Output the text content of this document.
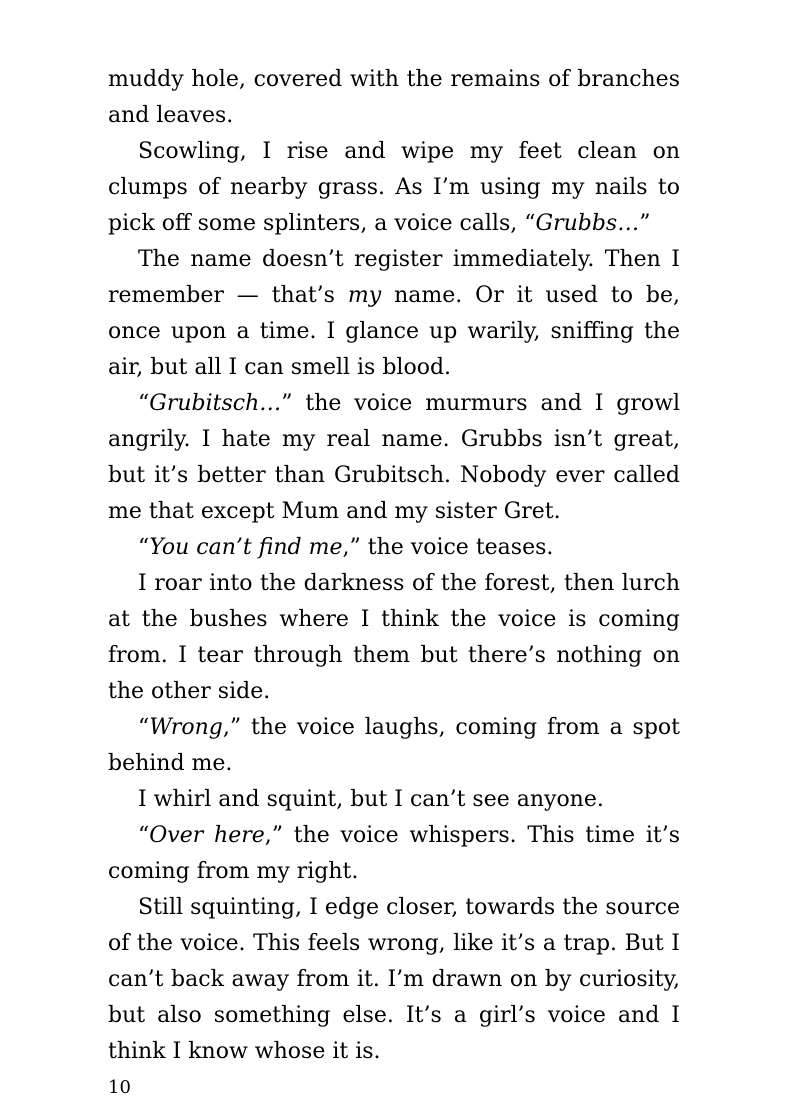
muddy hole, covered with the remains of branches and leaves.

Scowling, I rise and wipe my feet clean on clumps of nearby grass. As I’m using my nails to pick off some splinters, a voice calls, “Grubbs…”

The name doesn’t register immediately. Then I remember — that’s my name. Or it used to be, once upon a time. I glance up warily, sniffing the air, but all I can smell is blood.

“Grubitsch…” the voice murmurs and I growl angrily. I hate my real name. Grubbs isn’t great, but it’s better than Grubitsch. Nobody ever called me that except Mum and my sister Gret.

“You can’t find me,” the voice teases.

I roar into the darkness of the forest, then lurch at the bushes where I think the voice is coming from. I tear through them but there’s nothing on the other side.

“Wrong,” the voice laughs, coming from a spot behind me.

I whirl and squint, but I can’t see anyone.

“Over here,” the voice whispers. This time it’s coming from my right.

Still squinting, I edge closer, towards the source of the voice. This feels wrong, like it’s a trap. But I can’t back away from it. I’m drawn on by curiosity, but also something else. It’s a girl’s voice and I think I know whose it is.

10
